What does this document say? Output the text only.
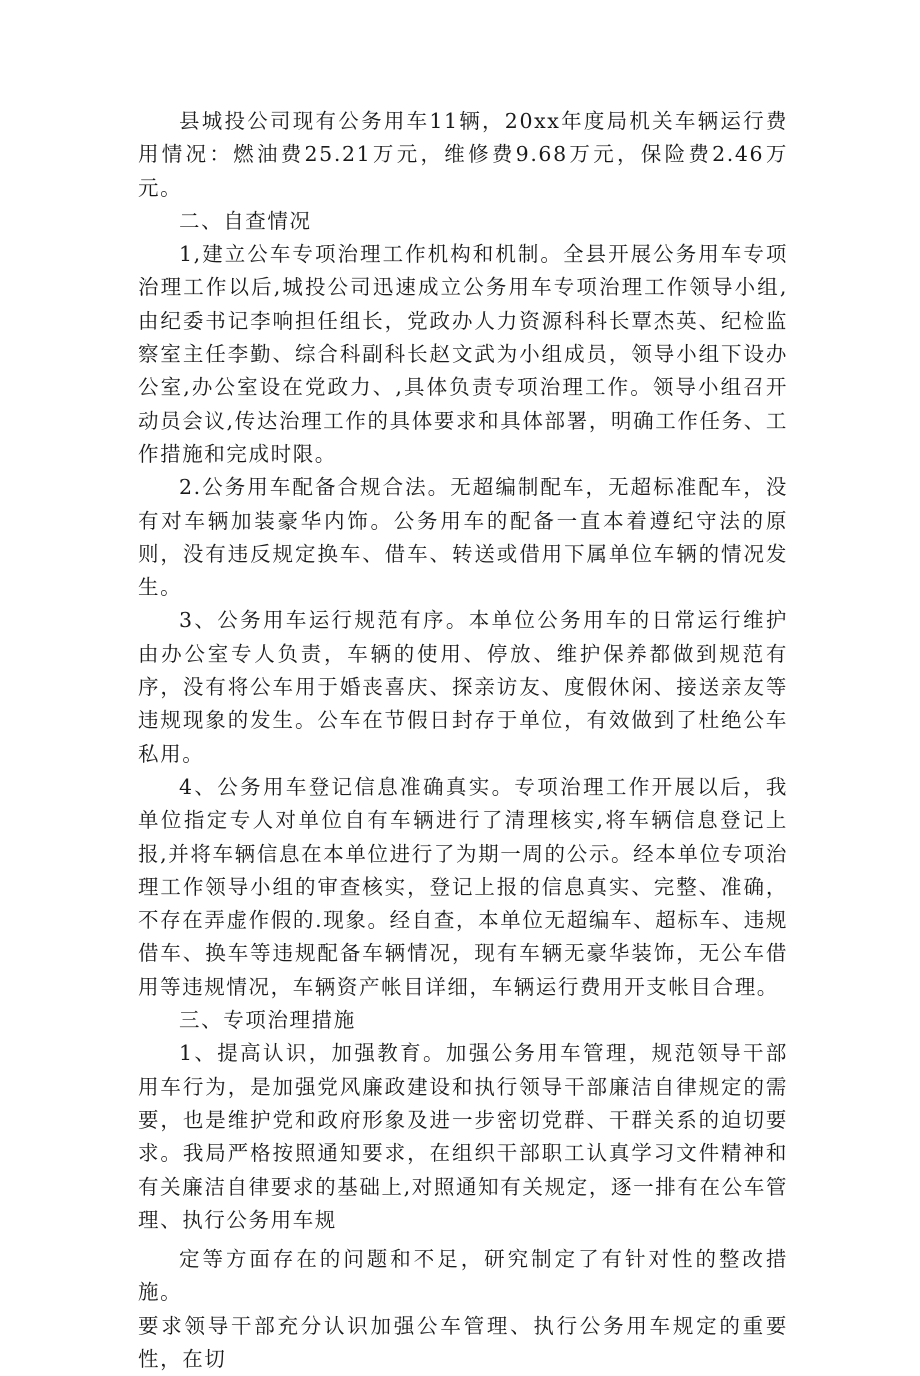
县城投公司现有公务用车11辆，20xx年度局机关车辆运行费用情况：燃油费25.21万元，维修费9.68万元，保险费2.46万元。

二、自查情况

1,建立公车专项治理工作机构和机制。全县开展公务用车专项治理工作以后,城投公司迅速成立公务用车专项治理工作领导小组,由纪委书记李响担任组长，党政办人力资源科科长覃杰英、纪检监察室主任李勤、综合科副科长赵文武为小组成员，领导小组下设办公室,办公室设在党政力、,具体负责专项治理工作。领导小组召开动员会议,传达治理工作的具体要求和具体部署，明确工作任务、工作措施和完成时限。

2.公务用车配备合规合法。无超编制配车，无超标准配车，没有对车辆加装豪华内饰。公务用车的配备一直本着遵纪守法的原则，没有违反规定换车、借车、转送或借用下属单位车辆的情况发生。

3、公务用车运行规范有序。本单位公务用车的日常运行维护由办公室专人负责，车辆的使用、停放、维护保养都做到规范有序，没有将公车用于婚丧喜庆、探亲访友、度假休闲、接送亲友等违规现象的发生。公车在节假日封存于单位，有效做到了杜绝公车私用。

4、公务用车登记信息准确真实。专项治理工作开展以后，我单位指定专人对单位自有车辆进行了清理核实,将车辆信息登记上报,并将车辆信息在本单位进行了为期一周的公示。经本单位专项治理工作领导小组的审查核实，登记上报的信息真实、完整、准确，不存在弄虚作假的.现象。经自查，本单位无超编车、超标车、违规借车、换车等违规配备车辆情况，现有车辆无豪华装饰，无公车借用等违规情况，车辆资产帐目详细，车辆运行费用开支帐目合理。

三、专项治理措施

1、提高认识，加强教育。加强公务用车管理，规范领导干部用车行为，是加强党风廉政建设和执行领导干部廉洁自律规定的需要，也是维护党和政府形象及进一步密切党群、干群关系的迫切要求。我局严格按照通知要求，在组织干部职工认真学习文件精神和有关廉洁自律要求的基础上,对照通知有关规定，逐一排有在公车管理、执行公务用车规

定等方面存在的问题和不足，研究制定了有针对性的整改措施。

要求领导干部充分认识加强公车管理、执行公务用车规定的重要性，在切
